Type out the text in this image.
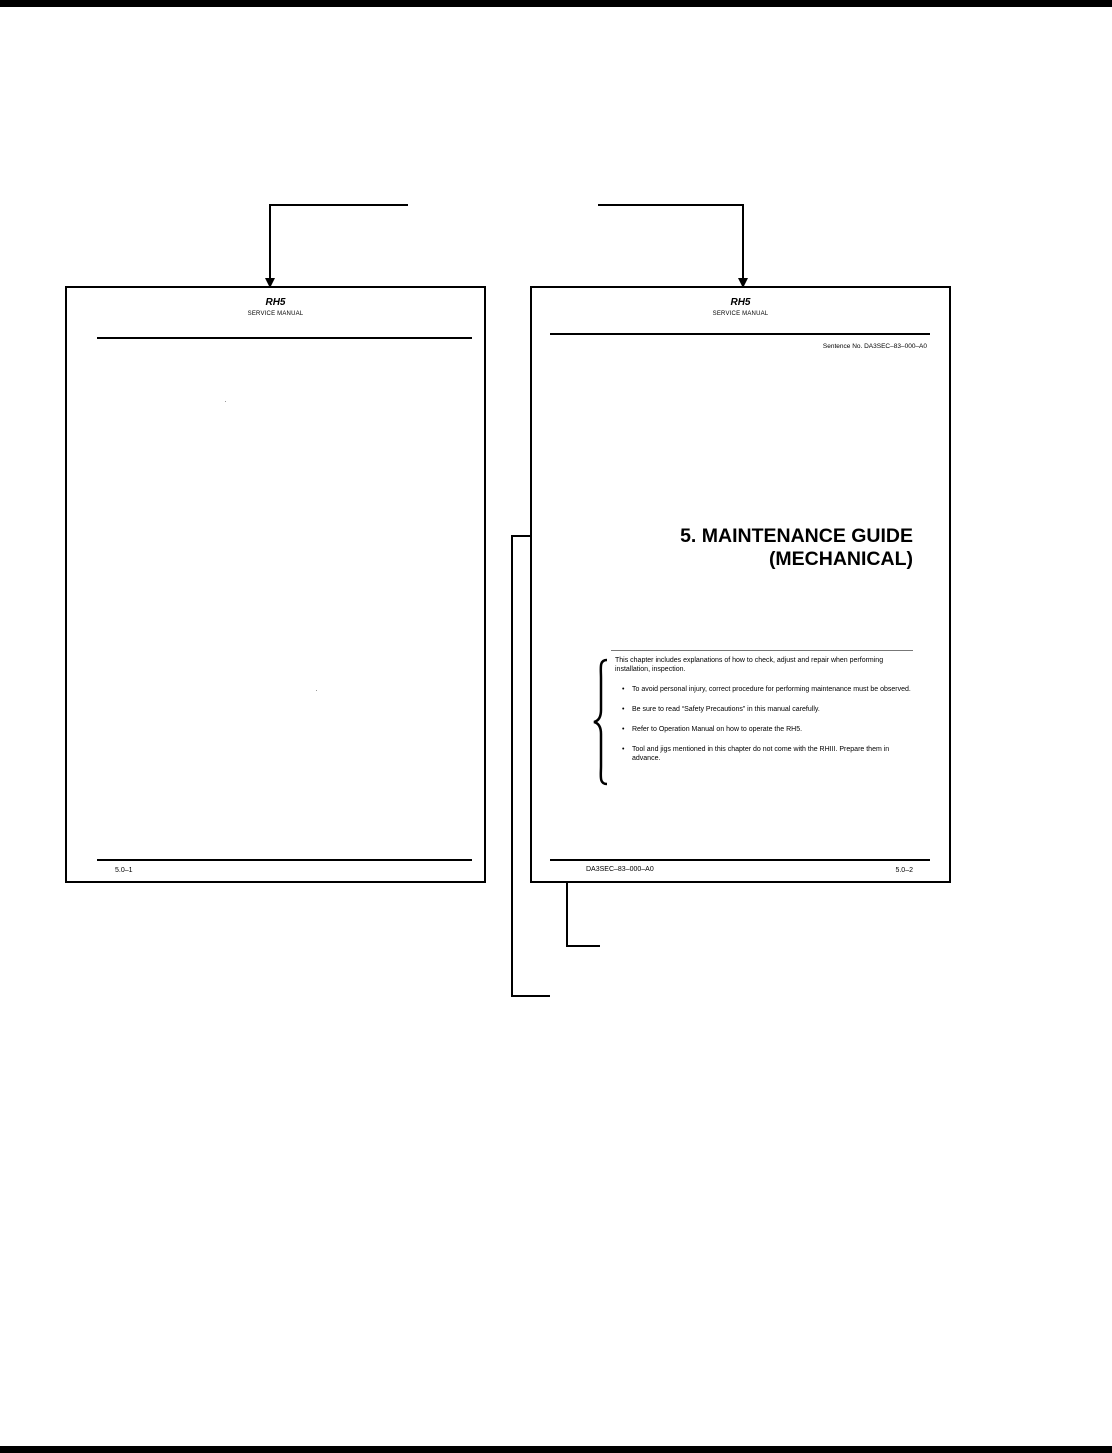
RH5
SERVICE MANUAL
5.0–1
RH5
SERVICE MANUAL
Sentence No. DA3SEC–83–000–A0
5. MAINTENANCE GUIDE
(MECHANICAL)

This chapter includes explanations of how to check, adjust and repair when performing installation, inspection.

• To avoid personal injury, correct procedure for performing maintenance must be observed.
• Be sure to read “Safety Precautions” in this manual carefully.
• Refer to Operation Manual on how to operate the RH5.
• Tool and jigs mentioned in this chapter do not come with the RHIII. Prepare them in advance.
DA3SEC–83–000–A0	5.0–2
